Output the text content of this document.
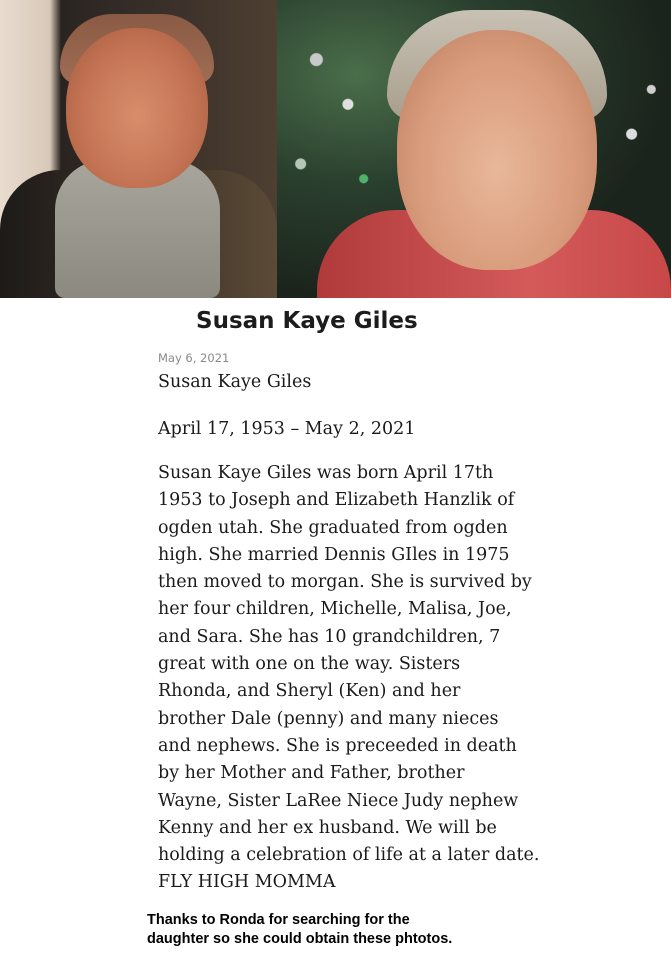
Susan Kaye Giles
May 6, 2021
Susan Kaye Giles
April 17, 1953 – May 2, 2021

Susan Kaye Giles was born April 17th
1953 to Joseph and Elizabeth Hanzlik of
ogden utah. She graduated from ogden
high. She married Dennis GIles in 1975
then moved to morgan. She is survived by
her four children, Michelle, Malisa, Joe,
and Sara. She has 10 grandchildren, 7
great with one on the way. Sisters
Rhonda, and Sheryl (Ken) and her
brother Dale (penny) and many nieces
and nephews. She is preceeded in death
by her Mother and Father, brother
Wayne, Sister LaRee Niece Judy nephew
Kenny and her ex husband. We will be
holding a celebration of life at a later date.
FLY HIGH MOMMA

Thanks to Ronda for searching for the
daughter so she could obtain these phtotos.
